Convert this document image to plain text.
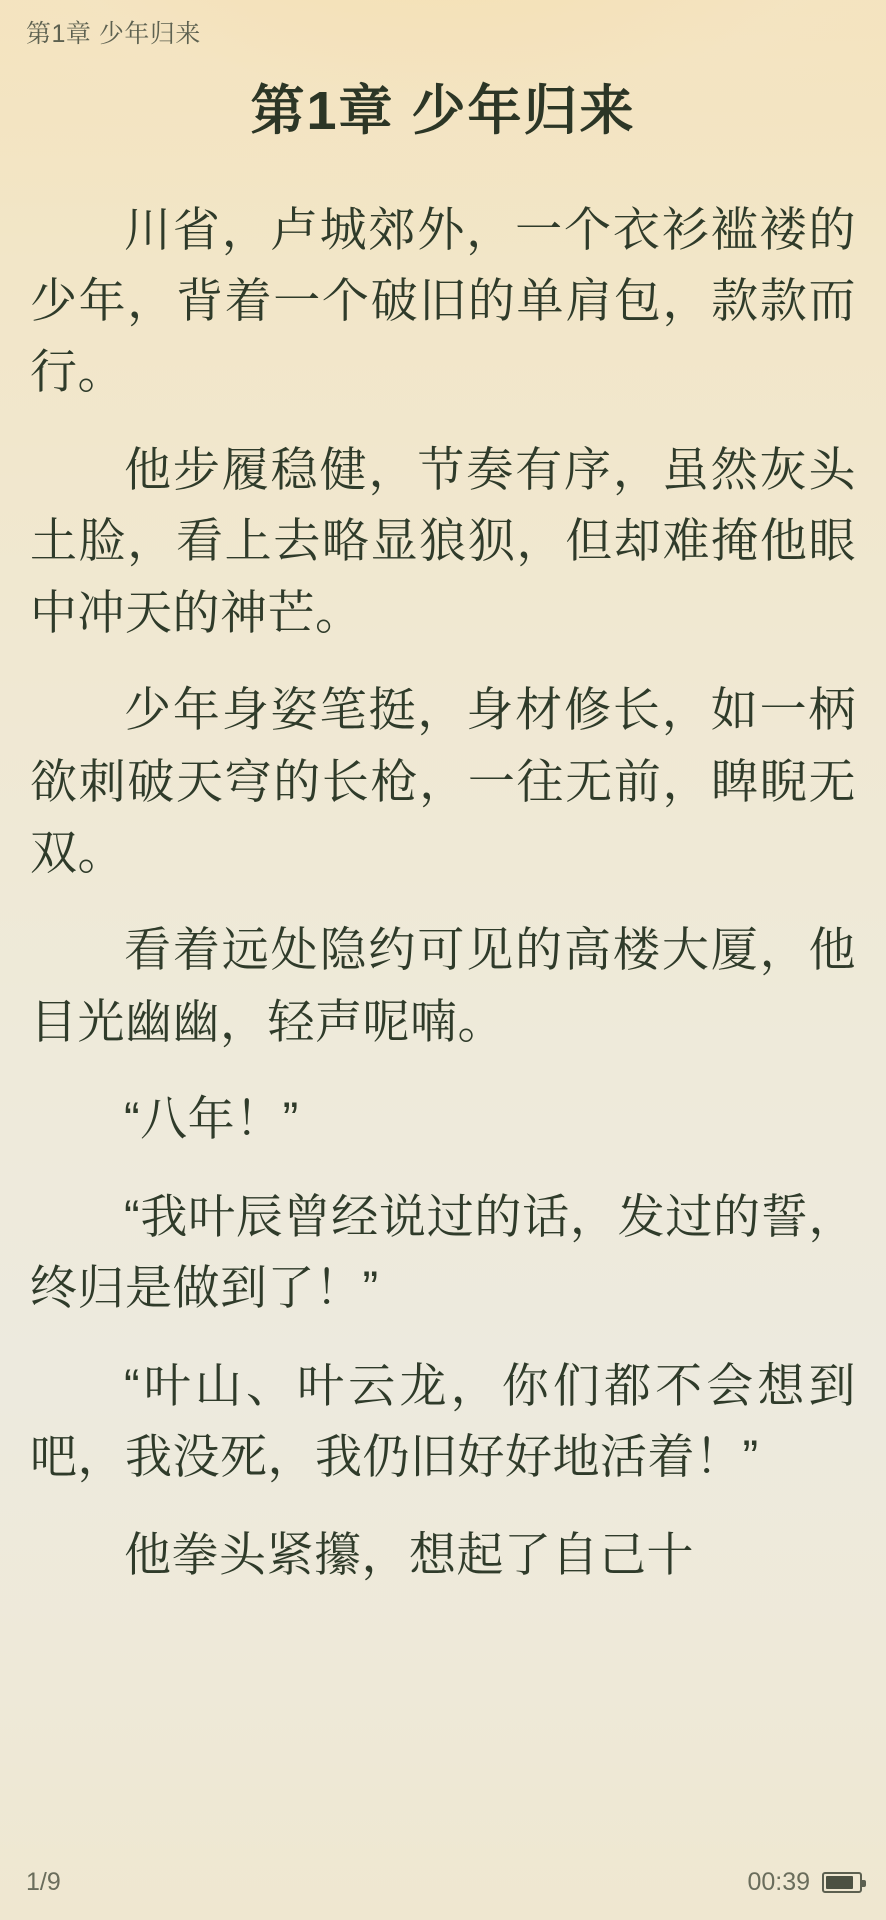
第1章 少年归来
第1章 少年归来

川省，卢城郊外，一个衣衫褴褛的少年，背着一个破旧的单肩包，款款而行。

他步履稳健，节奏有序，虽然灰头土脸，看上去略显狼狈，但却难掩他眼中冲天的神芒。

少年身姿笔挺，身材修长，如一柄欲刺破天穹的长枪，一往无前，睥睨无双。

看着远处隐约可见的高楼大厦，他目光幽幽，轻声呢喃。

“八年！”

“我叶辰曾经说过的话，发过的誓，终归是做到了！”

“叶山、叶云龙，你们都不会想到吧，我没死，我仍旧好好地活着！”

他拳头紧攥，想起了自己十

1/9	00:39
